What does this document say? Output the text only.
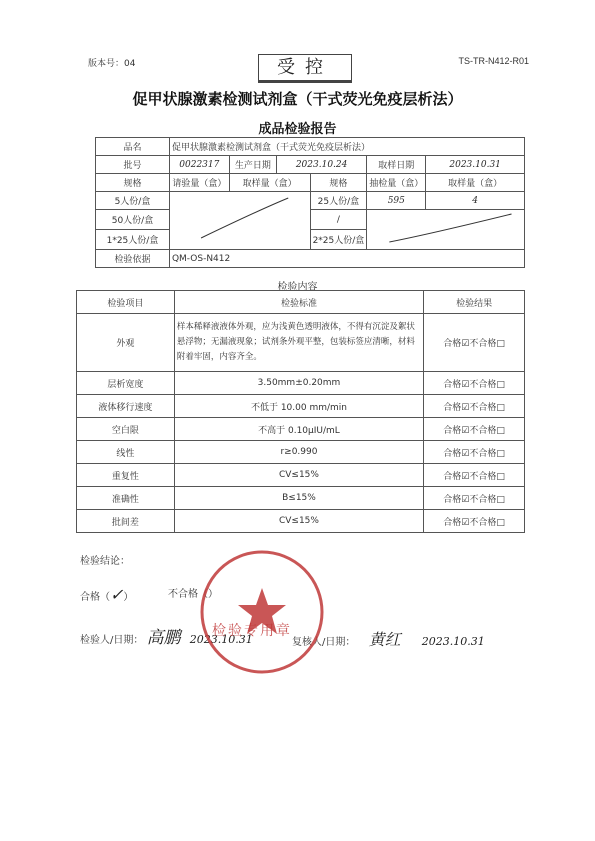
版本号：04	TS-TR-N412-R01
受控
促甲状腺激素检测试剂盒（干式荧光免疫层析法）
成品检验报告
品名	促甲状腺激素检测试剂盒（干式荧光免疫层析法）					
批号	0022317	生产日期	2023.10.24		取样日期	2023.10.31
规格	请验量（盒）	取样量（盒）		规格	抽检量（盒）	取样量（盒）
5人份/盒				25人份/盒	595	4
50人份/盒				/	
1*25人份/盒				2*25人份/盒		
检验依据	QM-OS-N412					
检验内容
检验项目	检验标准	检验结果
外观	样本稀释液液体外观，应为浅黄色透明液体，不得有沉淀及絮状悬浮物；无漏液现象；试剂条外观平整，包装标签应清晰，材料附着牢固，内容齐全。	合格☑不合格□
层析宽度	3.50mm±0.20mm	合格☑不合格□
液体移行速度	不低于 10.00 mm/min	合格☑不合格□
空白限	不高于 0.10μIU/mL	合格☑不合格□
线性	r≥0.990	合格☑不合格□
重复性	CV≤15%	合格☑不合格□
准确性	B≤15%	合格☑不合格□
批间差	CV≤15%	合格☑不合格□
检验结论：
合格（✓）	不合格（）
检验人/日期： 高鹏 2023.10.31	复核人/日期： 黄红 2023.10.31
检验专用章
